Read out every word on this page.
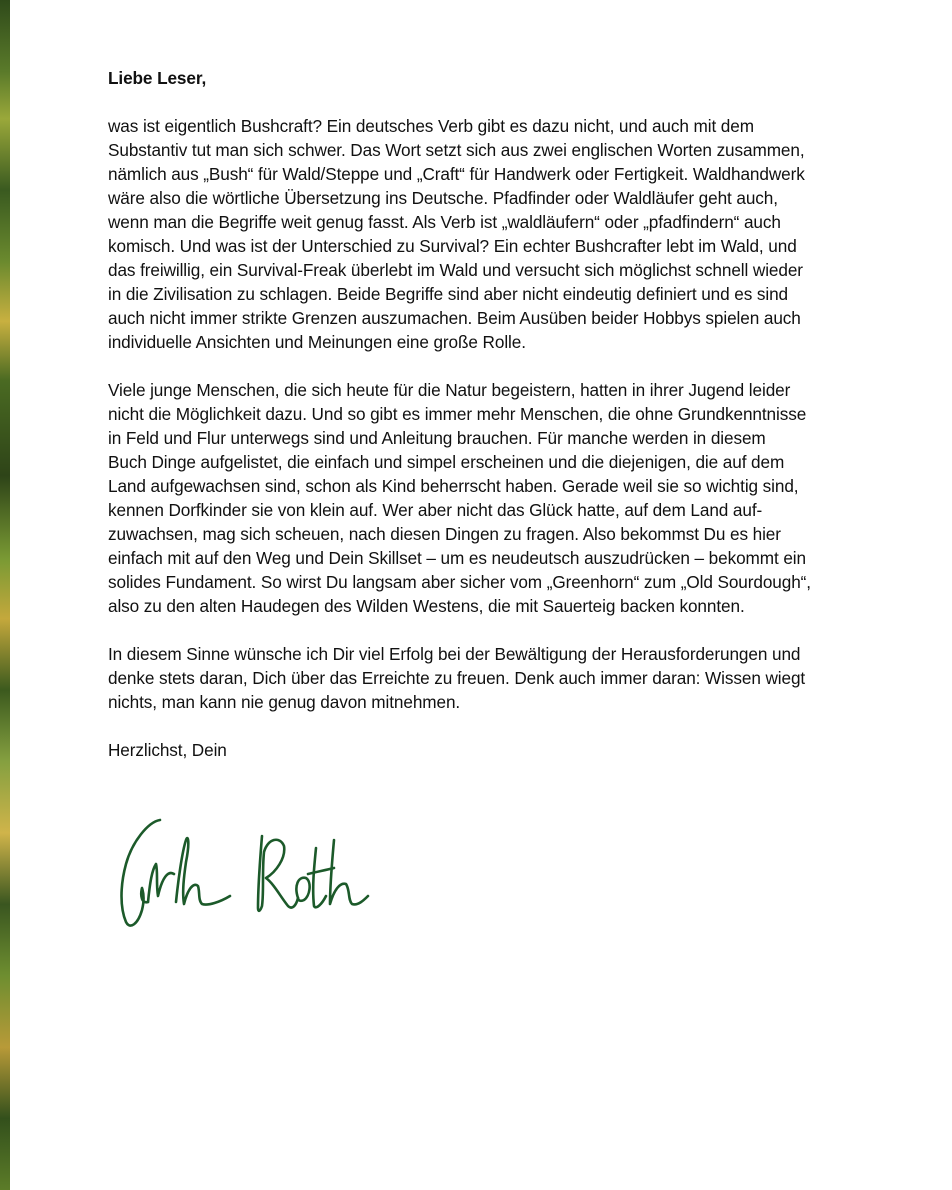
Liebe Leser,

was ist eigentlich Bushcraft? Ein deutsches Verb gibt es dazu nicht, und auch mit dem
Substantiv tut man sich schwer. Das Wort setzt sich aus zwei englischen Worten zusammen,
nämlich aus „Bush“ für Wald/Steppe und „Craft“ für Handwerk oder Fertigkeit. Waldhandwerk
wäre also die wörtliche Übersetzung ins Deutsche. Pfadfinder oder Waldläufer geht auch,
wenn man die Begriffe weit genug fasst. Als Verb ist „waldläufern“ oder „pfadfindern“ auch
komisch. Und was ist der Unterschied zu Survival? Ein echter Bushcrafter lebt im Wald, und
das freiwillig, ein Survival-Freak überlebt im Wald und versucht sich möglichst schnell wieder
in die Zivilisation zu schlagen. Beide Begriffe sind aber nicht eindeutig definiert und es sind
auch nicht immer strikte Grenzen auszumachen. Beim Ausüben beider Hobbys spielen auch
individuelle Ansichten und Meinungen eine große Rolle.

Viele junge Menschen, die sich heute für die Natur begeistern, hatten in ihrer Jugend leider
nicht die Möglichkeit dazu. Und so gibt es immer mehr Menschen, die ohne Grundkenntnisse
in Feld und Flur unterwegs sind und Anleitung brauchen. Für manche werden in diesem
Buch Dinge aufgelistet, die einfach und simpel erscheinen und die diejenigen, die auf dem
Land aufgewachsen sind, schon als Kind beherrscht haben. Gerade weil sie so wichtig sind,
kennen Dorfkinder sie von klein auf. Wer aber nicht das Glück hatte, auf dem Land auf-
zuwachsen, mag sich scheuen, nach diesen Dingen zu fragen. Also bekommst Du es hier
einfach mit auf den Weg und Dein Skillset – um es neudeutsch auszudrücken – bekommt ein
solides Fundament. So wirst Du langsam aber sicher vom „Greenhorn“ zum „Old Sourdough“,
also zu den alten Haudegen des Wilden Westens, die mit Sauerteig backen konnten.

In diesem Sinne wünsche ich Dir viel Erfolg bei der Bewältigung der Herausforderungen und
denke stets daran, Dich über das Erreichte zu freuen. Denk auch immer daran: Wissen wiegt
nichts, man kann nie genug davon mitnehmen.

Herzlichst, Dein
